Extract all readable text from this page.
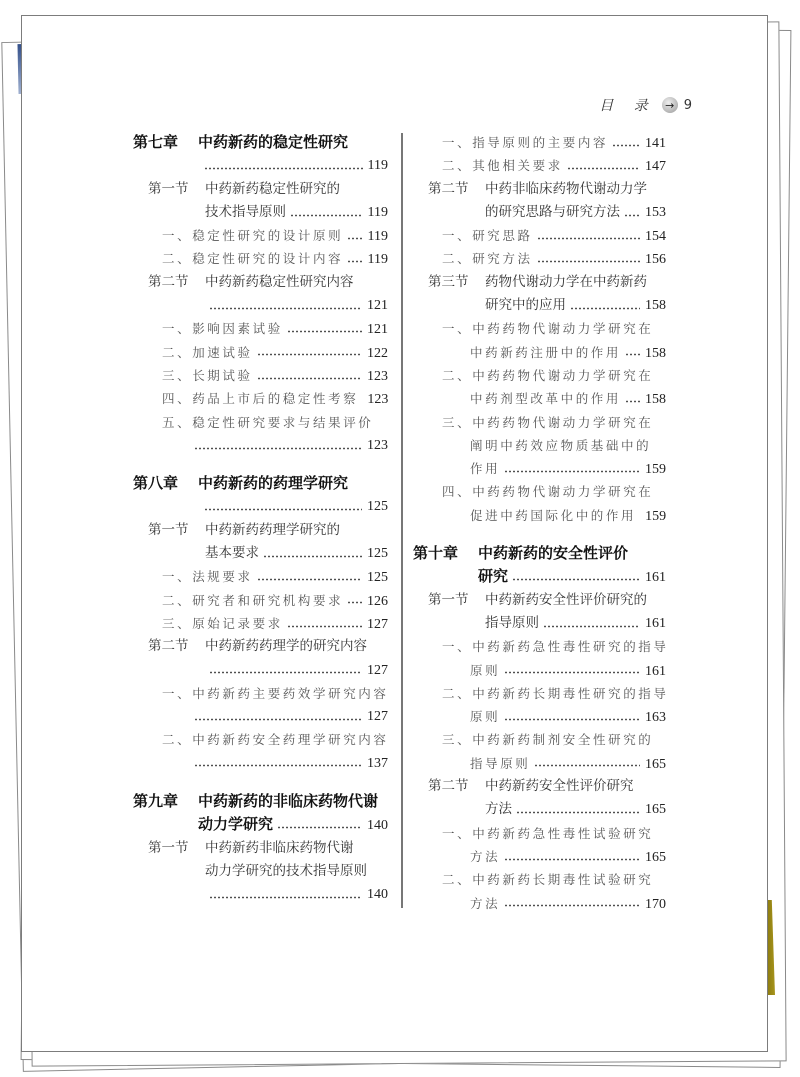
目 录 → 9
第七章	中药新药的稳定性研究
119
第一节	中药新药稳定性研究的
技术指导原则	119
一、稳定性研究的设计原则 119
二、稳定性研究的设计内容 119
第二节	中药新药稳定性研究内容
121
一、影响因素试验	121
二、加速试验	122
三、长期试验	123
四、药品上市后的稳定性考察 123
五、稳定性研究要求与结果评价
123
第八章	中药新药的药理学研究
125
第一节	中药新药药理学研究的
基本要求	125
一、法规要求	125
二、研究者和研究机构要求 126
三、原始记录要求	127
第二节	中药新药药理学的研究内容
127
一、中药新药主要药效学研究内容
127
二、中药新药安全药理学研究内容
137
第九章	中药新药的非临床药物代谢
动力学研究	140
第一节	中药新药非临床药物代谢
动力学研究的技术指导原则
140
一、指导原则的主要内容	141
二、其他相关要求	147
第二节	中药非临床药物代谢动力学
的研究思路与研究方法 153
一、研究思路	154
二、研究方法	156
第三节	药物代谢动力学在中药新药
研究中的应用	158
一、中药药物代谢动力学研究在
中药新药注册中的作用 158
二、中药药物代谢动力学研究在
中药剂型改革中的作用 158
三、中药药物代谢动力学研究在
阐明中药效应物质基础中的
作用	159
四、中药药物代谢动力学研究在
促进中药国际化中的作用 159
第十章	中药新药的安全性评价
研究	161
第一节	中药新药安全性评价研究的
指导原则	161
一、中药新药急性毒性研究的指导
原则	161
二、中药新药长期毒性研究的指导
原则	163
三、中药新药制剂安全性研究的
指导原则	165
第二节	中药新药安全性评价研究
方法	165
一、中药新药急性毒性试验研究
方法	165
二、中药新药长期毒性试验研究
方法	170
